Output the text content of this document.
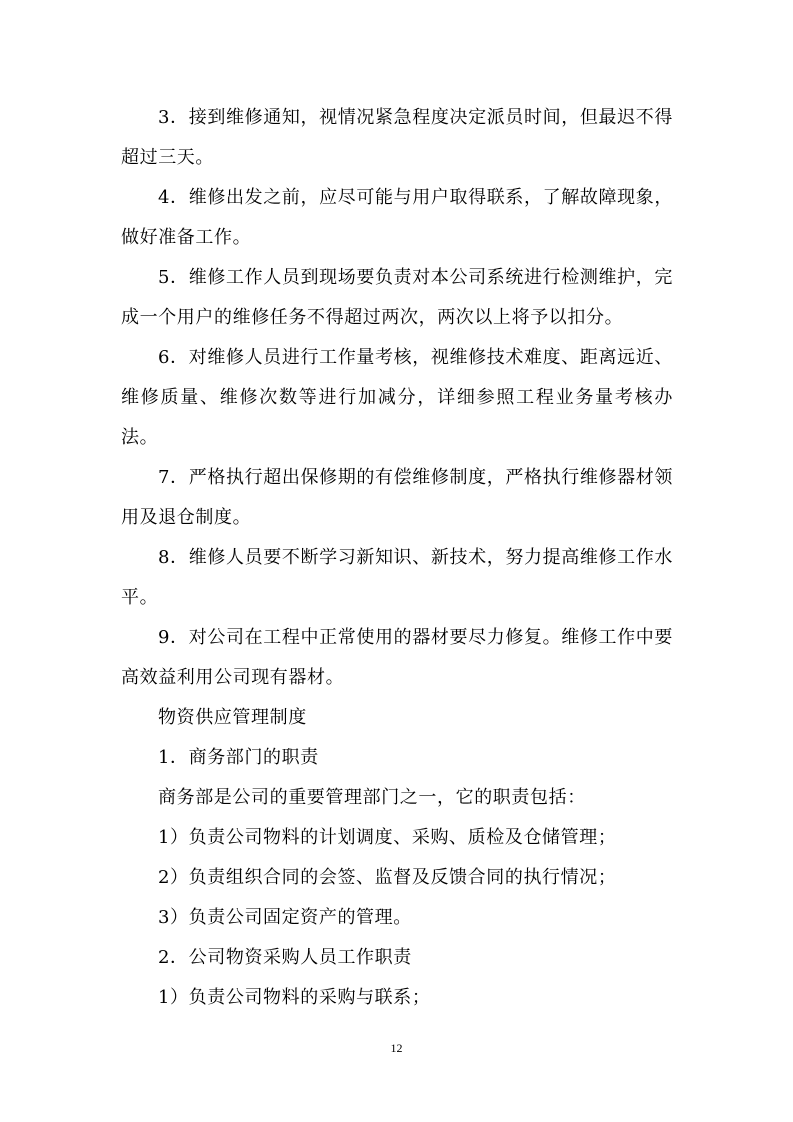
3．接到维修通知，视情况紧急程度决定派员时间，但最迟不得超过三天。

4．维修出发之前，应尽可能与用户取得联系，了解故障现象，做好准备工作。

5．维修工作人员到现场要负责对本公司系统进行检测维护，完成一个用户的维修任务不得超过两次，两次以上将予以扣分。

6．对维修人员进行工作量考核，视维修技术难度、距离远近、维修质量、维修次数等进行加减分，详细参照工程业务量考核办法。

7．严格执行超出保修期的有偿维修制度，严格执行维修器材领用及退仓制度。

8．维修人员要不断学习新知识、新技术，努力提高维修工作水平。

9．对公司在工程中正常使用的器材要尽力修复。维修工作中要高效益利用公司现有器材。

物资供应管理制度

1．商务部门的职责

商务部是公司的重要管理部门之一，它的职责包括：

1）负责公司物料的计划调度、采购、质检及仓储管理；

2）负责组织合同的会签、监督及反馈合同的执行情况；

3）负责公司固定资产的管理。

2．公司物资采购人员工作职责

1）负责公司物料的采购与联系；

12
